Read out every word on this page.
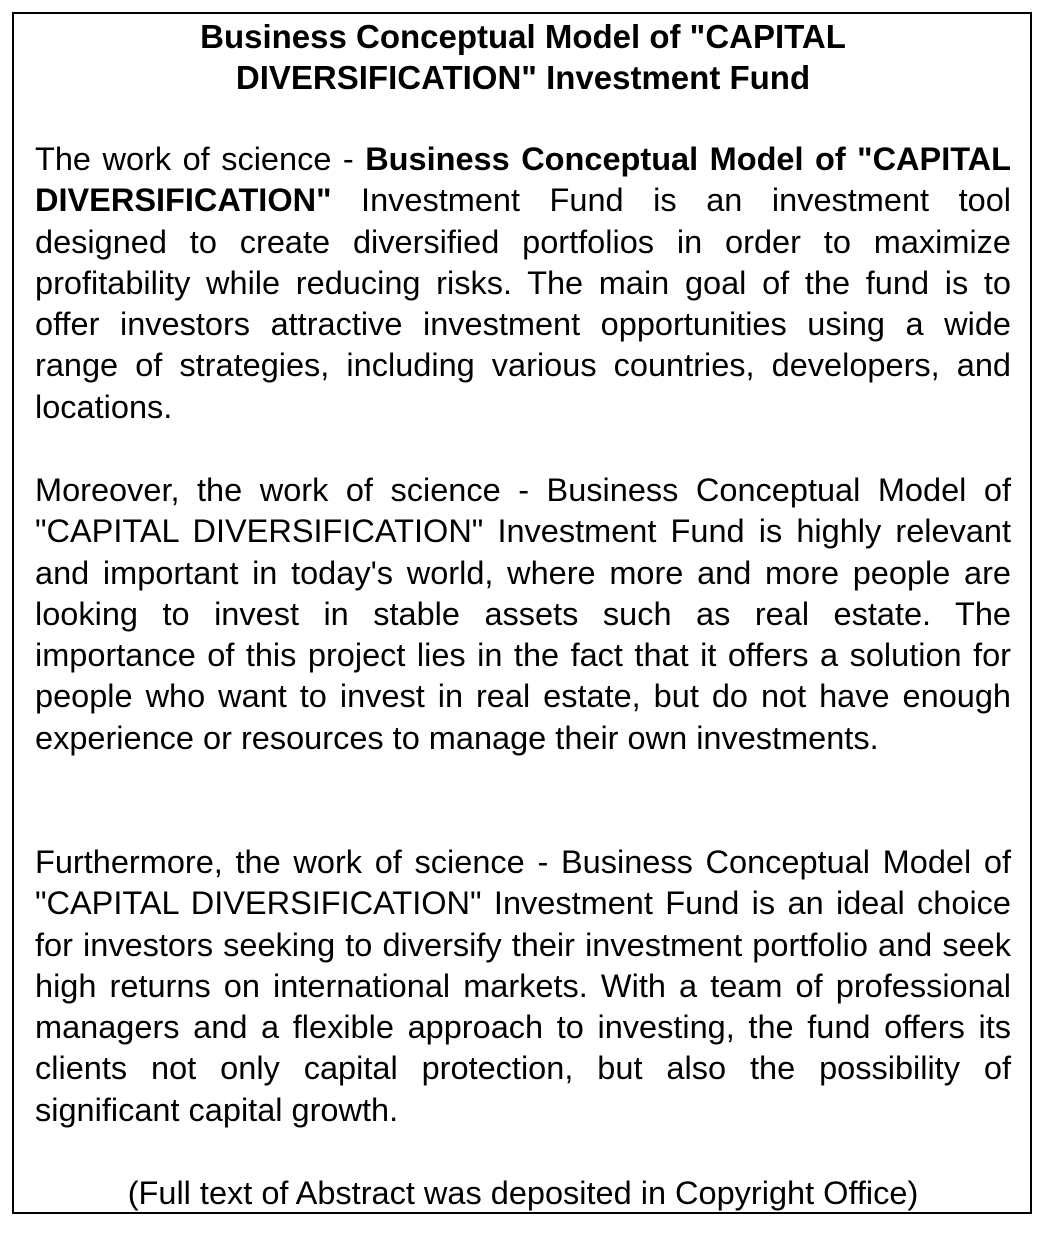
Business Conceptual Model of "CAPITAL DIVERSIFICATION" Investment Fund

The work of science - Business Conceptual Model of "CAPITAL DIVERSIFICATION" Investment Fund is an investment tool designed to create diversified portfolios in order to maximize profitability while reducing risks. The main goal of the fund is to offer investors attractive investment opportunities using a wide range of strategies, including various countries, developers, and locations.

Moreover, the work of science - Business Conceptual Model of "CAPITAL DIVERSIFICATION" Investment Fund is highly relevant and important in today's world, where more and more people are looking to invest in stable assets such as real estate. The importance of this project lies in the fact that it offers a solution for people who want to invest in real estate, but do not have enough experience or resources to manage their own investments.

Furthermore, the work of science - Business Conceptual Model of "CAPITAL DIVERSIFICATION" Investment Fund is an ideal choice for investors seeking to diversify their investment portfolio and seek high returns on international markets. With a team of professional managers and a flexible approach to investing, the fund offers its clients not only capital protection, but also the possibility of significant capital growth.

(Full text of Abstract was deposited in Copyright Office)
